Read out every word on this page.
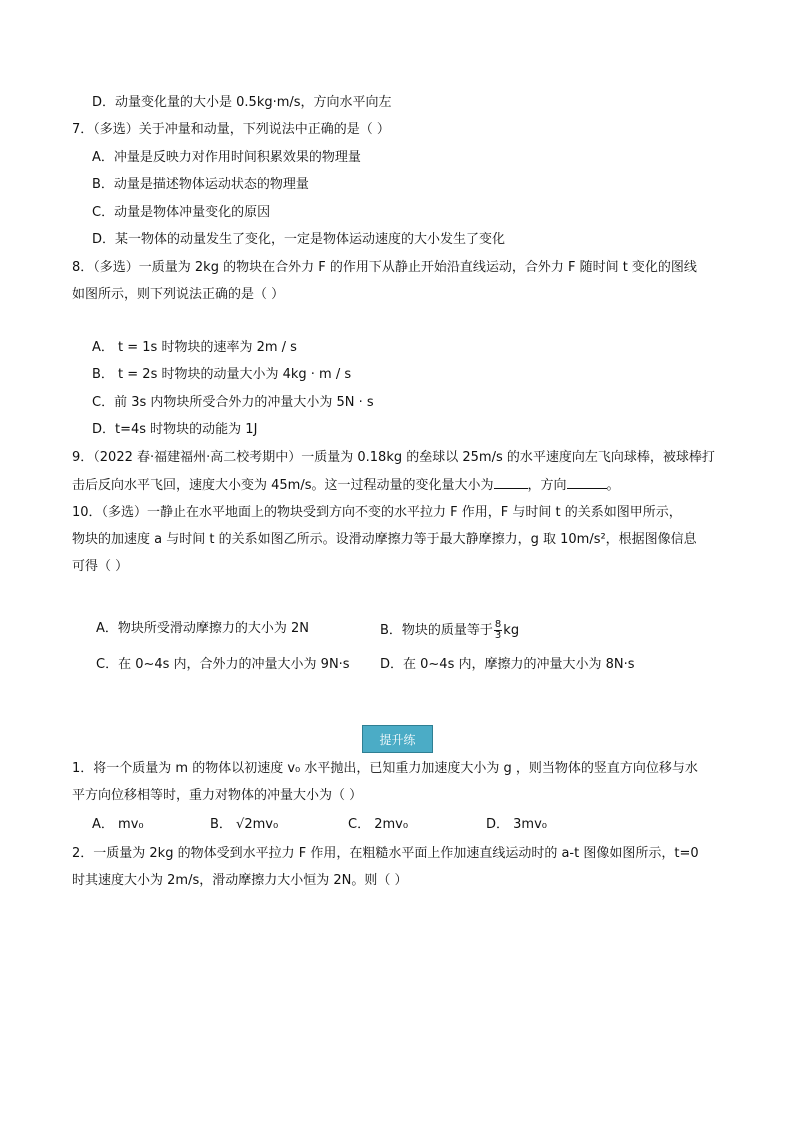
D．动量变化量的大小是 0.5kg·m/s，方向水平向左
7．（多选）关于冲量和动量，下列说法中正确的是（ ）
A．冲量是反映力对作用时间积累效果的物理量
B．动量是描述物体运动状态的物理量
C．动量是物体冲量变化的原因
D．某一物体的动量发生了变化，一定是物体运动速度的大小发生了变化
8．（多选）一质量为 2kg 的物块在合外力 F 的作用下从静止开始沿直线运动，合外力 F 随时间 t 变化的图线
如图所示，则下列说法正确的是（ ）
A． t = 1s 时物块的速率为 2m / s
B． t = 2s 时物块的动量大小为 4kg · m / s
C．前 3s 内物块所受合外力的冲量大小为 5N · s
D．t=4s 时物块的动能为 1J
9．（2022 春·福建福州·高二校考期中）一质量为 0.18kg 的垒球以 25m/s 的水平速度向左飞向球棒，被球棒打
击后反向水平飞回，速度大小变为 45m/s。这一过程动量的变化量大小为	，方向	。
10．（多选）一静止在水平地面上的物块受到方向不变的水平拉力 F 作用，F 与时间 t 的关系如图甲所示，
物块的加速度 a 与时间 t 的关系如图乙所示。设滑动摩擦力等于最大静摩擦力，g 取 10m/s²，根据图像信息
可得（ ）
A．物块所受滑动摩擦力的大小为 2N	B．物块的质量等于 $\frac{8}{3}$ kg
C．在 0~4s 内，合外力的冲量大小为 9N·s D．在 0~4s 内，摩擦力的冲量大小为 8N·s
提升练
1．将一个质量为 m 的物体以初速度 v₀ 水平抛出，已知重力加速度大小为 g ，则当物体的竖直方向位移与水
平方向位移相等时，重力对物体的冲量大小为（ ）
A． mv₀	B． √2mv₀	C． 2mv₀	D． 3mv₀
2．一质量为 2kg 的物体受到水平拉力 F 作用，在粗糙水平面上作加速直线运动时的 a-t 图像如图所示，t=0
时其速度大小为 2m/s，滑动摩擦力大小恒为 2N。则（ ）
